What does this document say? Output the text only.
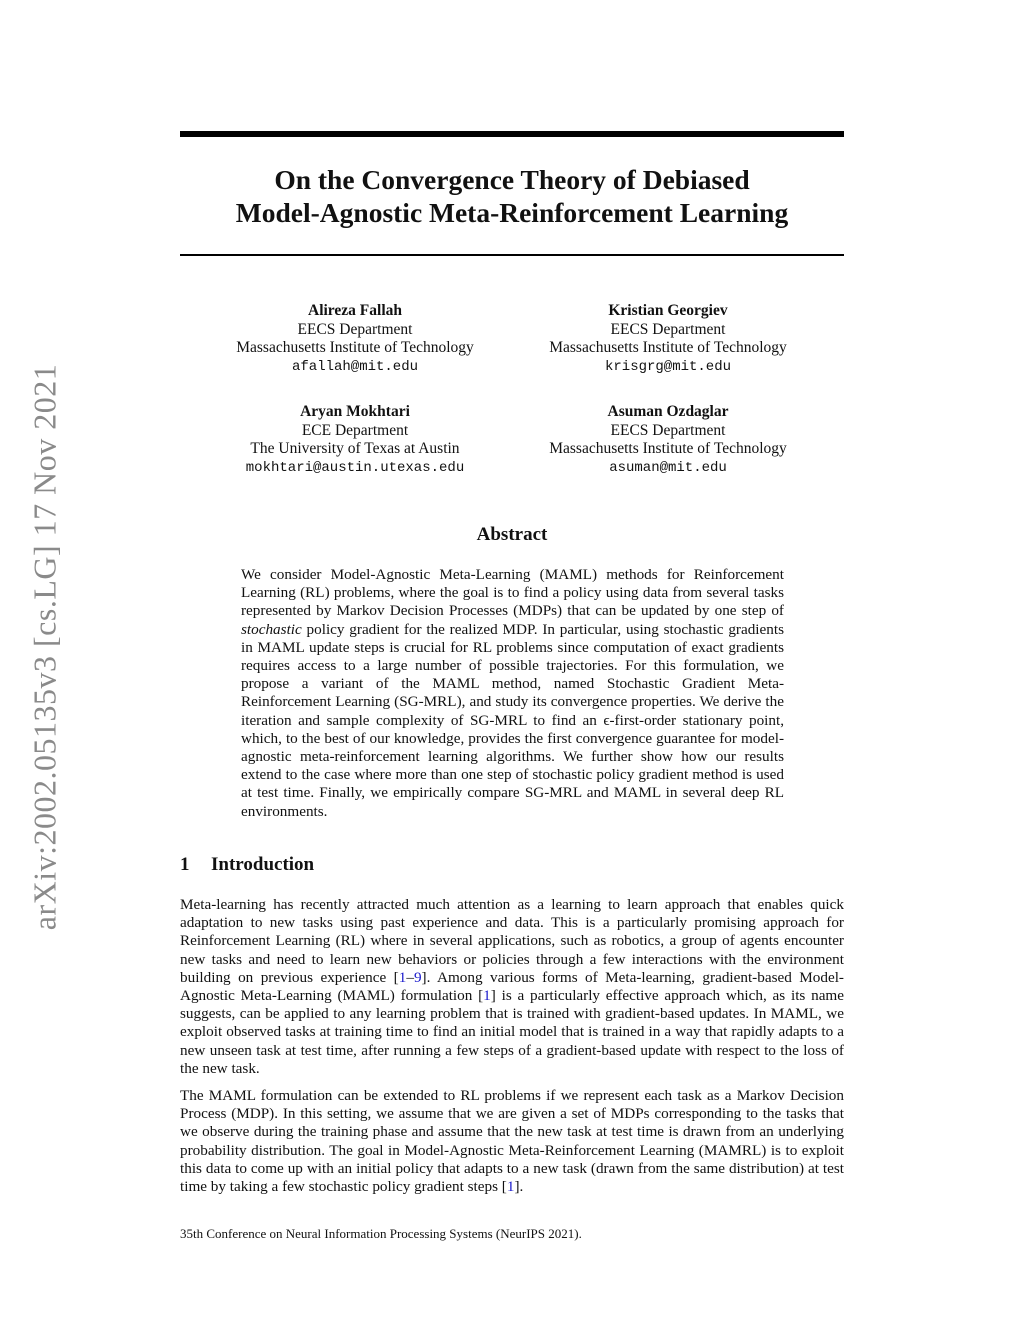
arXiv:2002.05135v3 [cs.LG] 17 Nov 2021
On the Convergence Theory of Debiased
Model-Agnostic Meta-Reinforcement Learning
Alireza Fallah
EECS Department
Massachusetts Institute of Technology
afallah@mit.edu
Kristian Georgiev
EECS Department
Massachusetts Institute of Technology
krisgrg@mit.edu
Aryan Mokhtari
ECE Department
The University of Texas at Austin
mokhtari@austin.utexas.edu
Asuman Ozdaglar
EECS Department
Massachusetts Institute of Technology
asuman@mit.edu
Abstract

We consider Model-Agnostic Meta-Learning (MAML) methods for Reinforcement Learning (RL) problems, where the goal is to find a policy using data from several tasks represented by Markov Decision Processes (MDPs) that can be updated by one step of stochastic policy gradient for the realized MDP. In particular, using stochastic gradients in MAML update steps is crucial for RL problems since computation of exact gradients requires access to a large number of possible trajectories. For this formulation, we propose a variant of the MAML method, named Stochastic Gradient Meta-Reinforcement Learning (SG-MRL), and study its convergence properties. We derive the iteration and sample complexity of SG-MRL to find an ϵ-first-order stationary point, which, to the best of our knowledge, provides the first convergence guarantee for model-agnostic meta-reinforcement learning algorithms. We further show how our results extend to the case where more than one step of stochastic policy gradient method is used at test time. Finally, we empirically compare SG-MRL and MAML in several deep RL environments.

1 Introduction

Meta-learning has recently attracted much attention as a learning to learn approach that enables quick adaptation to new tasks using past experience and data. This is a particularly promising approach for Reinforcement Learning (RL) where in several applications, such as robotics, a group of agents encounter new tasks and need to learn new behaviors or policies through a few interactions with the environment building on previous experience [1–9]. Among various forms of Meta-learning, gradient-based Model-Agnostic Meta-Learning (MAML) formulation [1] is a particularly effective approach which, as its name suggests, can be applied to any learning problem that is trained with gradient-based updates. In MAML, we exploit observed tasks at training time to find an initial model that is trained in a way that rapidly adapts to a new unseen task at test time, after running a few steps of a gradient-based update with respect to the loss of the new task.

The MAML formulation can be extended to RL problems if we represent each task as a Markov Decision Process (MDP). In this setting, we assume that we are given a set of MDPs corresponding to the tasks that we observe during the training phase and assume that the new task at test time is drawn from an underlying probability distribution. The goal in Model-Agnostic Meta-Reinforcement Learning (MAMRL) is to exploit this data to come up with an initial policy that adapts to a new task (drawn from the same distribution) at test time by taking a few stochastic policy gradient steps [1].

35th Conference on Neural Information Processing Systems (NeurIPS 2021).
